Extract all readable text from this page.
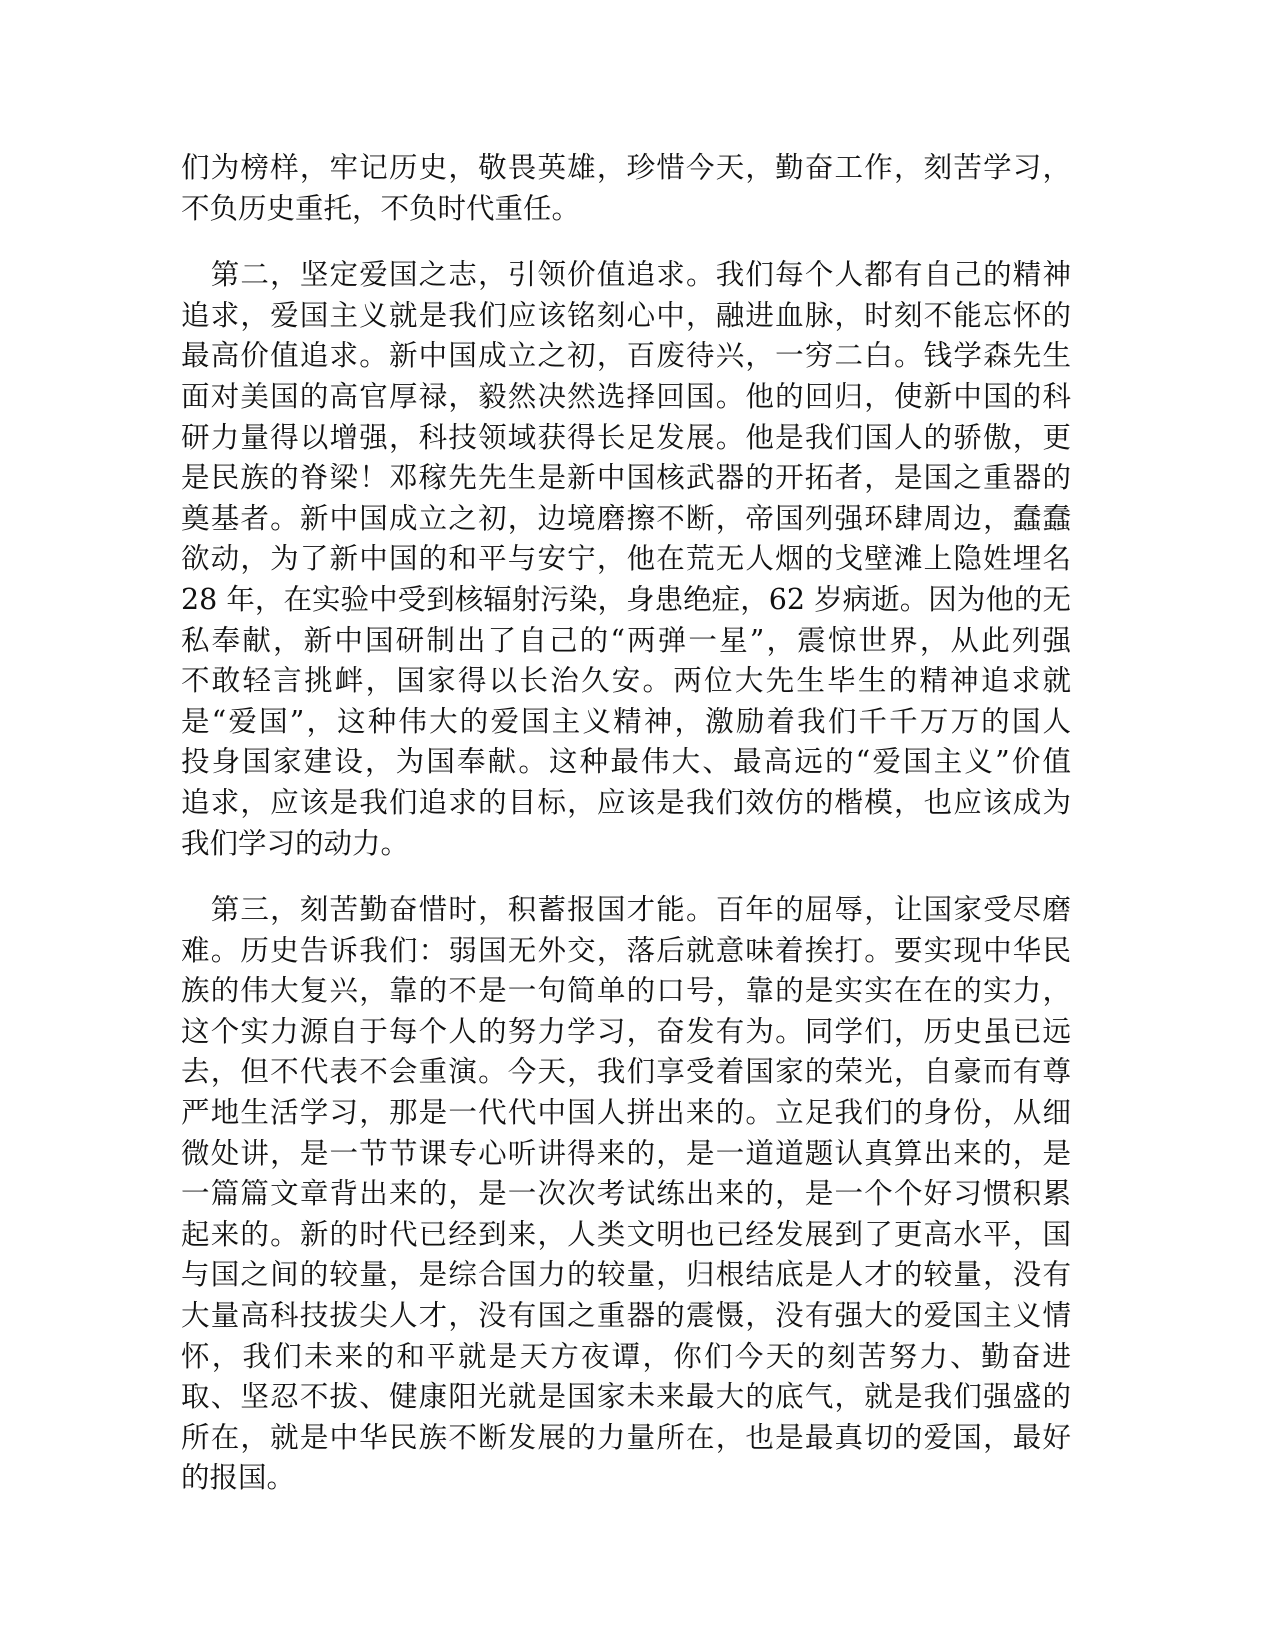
们为榜样，牢记历史，敬畏英雄，珍惜今天，勤奋工作，刻苦学习，
不负历史重托，不负时代重任。

　第二，坚定爱国之志，引领价值追求。我们每个人都有自己的精神
追求，爱国主义就是我们应该铭刻心中，融进血脉，时刻不能忘怀的
最高价值追求。新中国成立之初，百废待兴，一穷二白。钱学森先生
面对美国的高官厚禄，毅然决然选择回国。他的回归，使新中国的科
研力量得以增强，科技领域获得长足发展。他是我们国人的骄傲，更
是民族的脊梁！邓稼先先生是新中国核武器的开拓者，是国之重器的
奠基者。新中国成立之初，边境磨擦不断，帝国列强环肆周边，蠢蠢
欲动，为了新中国的和平与安宁，他在荒无人烟的戈壁滩上隐姓埋名
28 年，在实验中受到核辐射污染，身患绝症，62 岁病逝。因为他的无
私奉献，新中国研制出了自己的“两弹一星”，震惊世界，从此列强
不敢轻言挑衅，国家得以长治久安。两位大先生毕生的精神追求就
是“爱国”，这种伟大的爱国主义精神，激励着我们千千万万的国人
投身国家建设，为国奉献。这种最伟大、最高远的“爱国主义”价值
追求，应该是我们追求的目标，应该是我们效仿的楷模，也应该成为
我们学习的动力。

　第三，刻苦勤奋惜时，积蓄报国才能。百年的屈辱，让国家受尽磨
难。历史告诉我们：弱国无外交，落后就意味着挨打。要实现中华民
族的伟大复兴，靠的不是一句简单的口号，靠的是实实在在的实力，
这个实力源自于每个人的努力学习，奋发有为。同学们，历史虽已远
去，但不代表不会重演。今天，我们享受着国家的荣光，自豪而有尊
严地生活学习，那是一代代中国人拼出来的。立足我们的身份，从细
微处讲，是一节节课专心听讲得来的，是一道道题认真算出来的，是
一篇篇文章背出来的，是一次次考试练出来的，是一个个好习惯积累
起来的。新的时代已经到来，人类文明也已经发展到了更高水平，国
与国之间的较量，是综合国力的较量，归根结底是人才的较量，没有
大量高科技拔尖人才，没有国之重器的震慑，没有强大的爱国主义情
怀，我们未来的和平就是天方夜谭，你们今天的刻苦努力、勤奋进
取、坚忍不拔、健康阳光就是国家未来最大的底气，就是我们强盛的
所在，就是中华民族不断发展的力量所在，也是最真切的爱国，最好
的报国。
